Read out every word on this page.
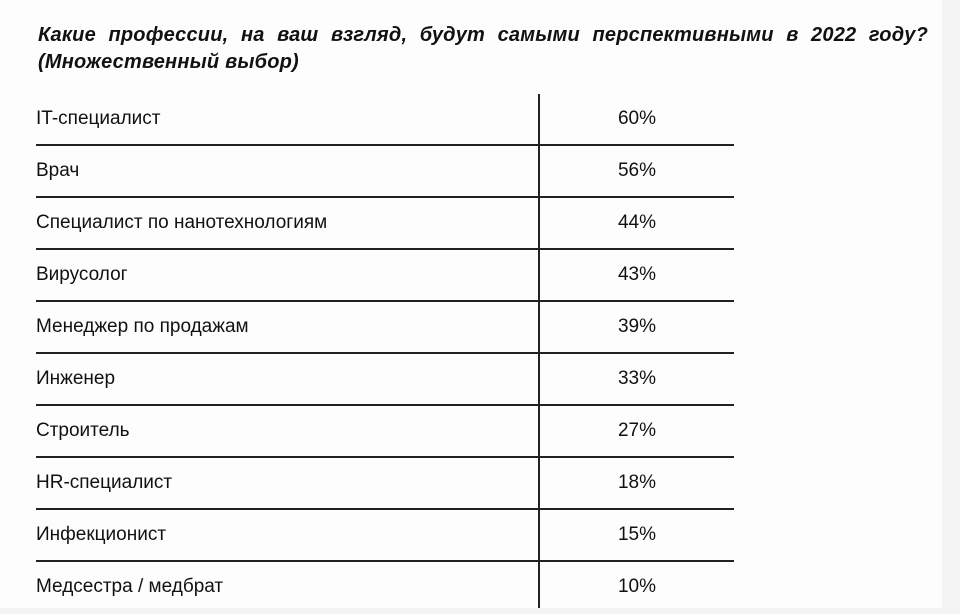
Какие профессии, на ваш взгляд, будут самыми перспективными в 2022 году? (Множественный выбор)
IT-специалист	60%
Врач	56%
Специалист по нанотехнологиям	44%
Вирусолог	43%
Менеджер по продажам	39%
Инженер	33%
Строитель	27%
HR-специалист	18%
Инфекционист	15%
Медсестра / медбрат	10%
